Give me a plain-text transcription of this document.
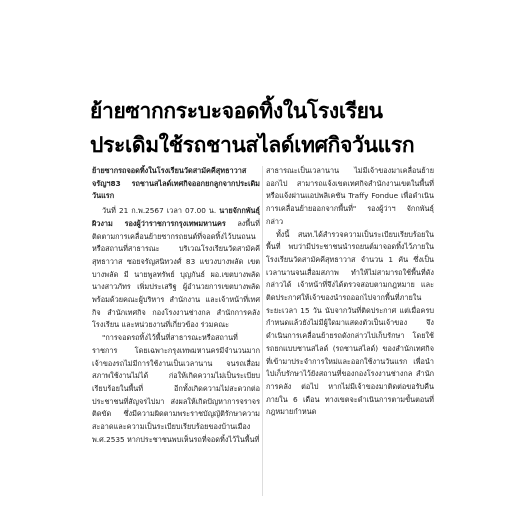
ย้ายซากกระบะจอดทิ้งในโรงเรียน
ประเดิมใช้รถชานสไลด์เทศกิจวันแรก

ย้ายซากรถจอดทิ้งในโรงเรียนวัดสามัคคีสุทธาวาส จรัญฯ83 รถชานสไลด์เทศกิจออกยกลูกจากประเดิมวันแรก

วันที่ 21 ก.พ.2567 เวลา 07.00 น. นายจักกพันธุ์ ผิวงาม รองผู้ว่าราชการกรุงเทพมหานคร ลงพื้นที่ติดตามการเคลื่อนย้ายซากรถยนต์ที่จอดทิ้งไว้บนถนนหรือสถานที่สาธารณะ บริเวณโรงเรียนวัดสามัคคีสุทธาวาส ซอยจรัญสนิทวงศ์ 83 แขวงบางพลัด เขตบางพลัด มี นายพูลทรัพย์ บุญกันธ์ ผอ.เขตบางพลัด นางสาวภัทร เพิ่มประเสริฐ ผู้อำนวยการเขตบางพลัด พร้อมด้วยคณะผู้บริหาร สำนักงาน และเจ้าหน้าที่เทศกิจ สำนักเทศกิจ กองโรงงานช่างกล สำนักการคลัง โรงเรียน และหน่วยงานที่เกี่ยวข้อง ร่วมคณะ

"การจอดรถทิ้งไว้พื้นที่สาธารณะหรือสถานที่ราชการ โดยเฉพาะกรุงเทพมหานครมีจำนวนมากเจ้าของรถไม่มีการใช้งานเป็นเวลานาน จนรถเสื่อมสภาพใช้งานไม่ได้ ก่อให้เกิดความไม่เป็นระเบียบเรียบร้อยในพื้นที่ อีกทั้งเกิดความไม่สะดวกต่อประชาชนที่สัญจรไปมา ส่งผลให้เกิดปัญหาการจราจรติดขัด ซึ่งมีความผิดตามพระราชบัญญัติรักษาความสะอาดและความเป็นระเบียบเรียบร้อยของบ้านเมือง พ.ศ.2535 หากประชาชนพบเห็นรถที่จอดทิ้งไว้ในพื้นที่

สาธารณะเป็นเวลานาน ไม่มีเจ้าของมาเคลื่อนย้ายออกไป สามารถแจ้งเขตเทศกิจสำนักงานเขตในพื้นที่ หรือแจ้งผ่านแอปพลิเคชัน Traffy Fondue เพื่อดำเนินการเคลื่อนย้ายออกจากพื้นที่" รองผู้ว่าฯ จักกพันธุ์ กล่าว

ทั้งนี้ สนท.ได้สำรวจความเป็นระเบียบเรียบร้อยในพื้นที่ พบว่ามีประชาชนนำรถยนต์มาจอดทิ้งไว้ภายในโรงเรียนวัดสามัคคีสุทธาวาส จำนวน 1 คัน ซึ่งเป็นเวลานานจนเสื่อมสภาพ ทำให้ไม่สามารถใช้พื้นที่ดังกล่าวได้ เจ้าหน้าที่จึงได้ตรวจสอบตามกฎหมาย และติดประกาศให้เจ้าของนำรถออกไปจากพื้นที่ภายในระยะเวลา 15 วัน นับจากวันที่ติดประกาศ แต่เมื่อครบกำหนดแล้วยังไม่มีผู้ใดมาแสดงตัวเป็นเจ้าของ จึงดำเนินการเคลื่อนย้ายรถดังกล่าวไปเก็บรักษา โดยใช้รถยกแบบชานสไลด์ (รถชานสไลด์) ของสำนักเทศกิจที่เข้ามาประจำการใหม่และออกใช้งานวันแรก เพื่อนำไปเก็บรักษาไว้ยังสถานที่ของกองโรงงานช่างกล สำนักการคลัง ต่อไป หากไม่มีเจ้าของมาติดต่อขอรับคืนภายใน 6 เดือน ทางเขตจะดำเนินการตามขั้นตอนที่กฎหมายกำหนด
